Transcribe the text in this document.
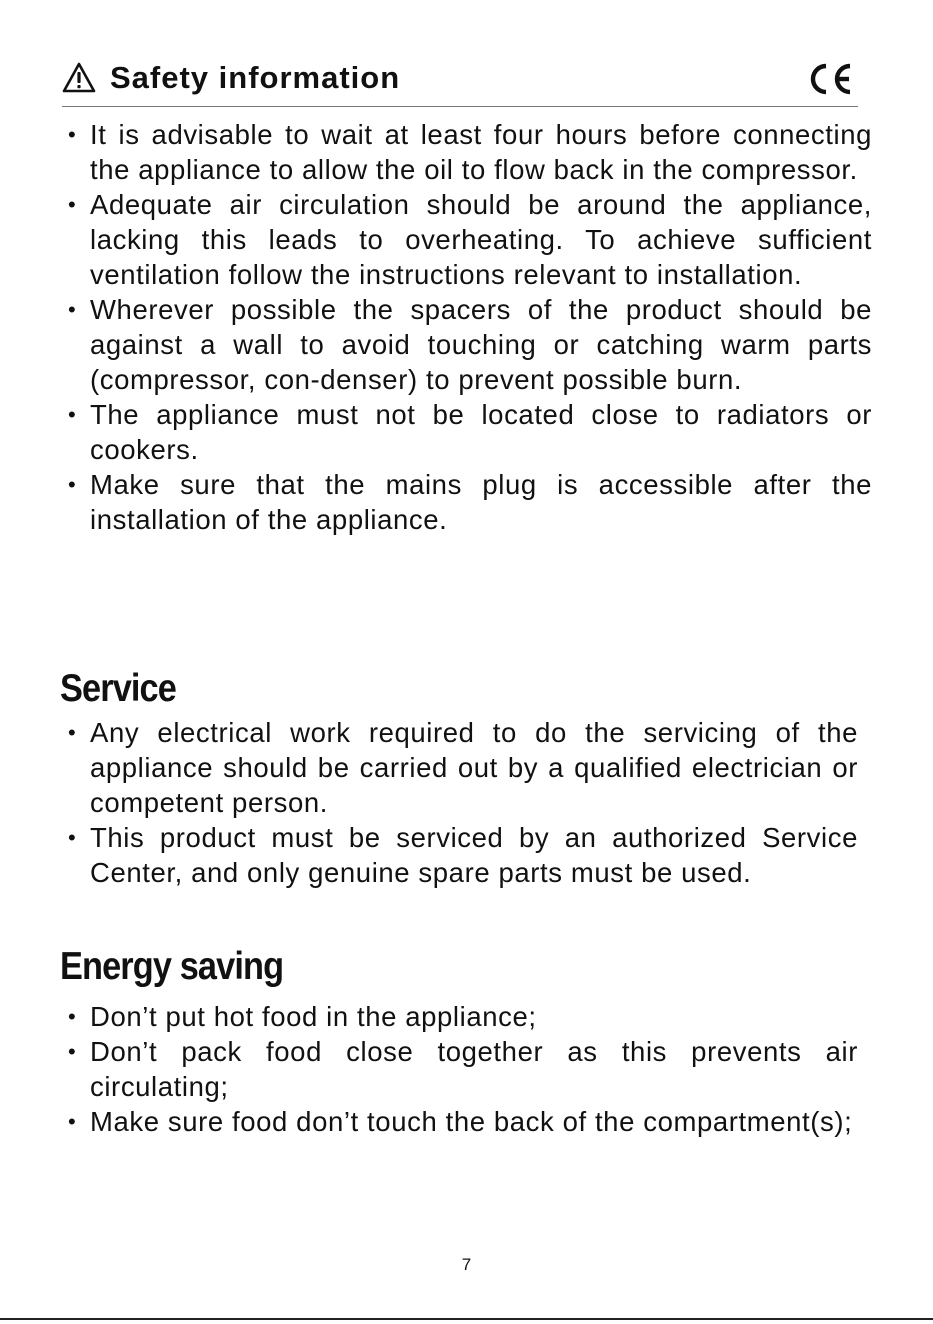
Safety information
• It is advisable to wait at least four hours before connecting the appliance to allow the oil to flow back in the compressor.
• Adequate air circulation should be around the appliance, lacking this leads to overheating. To achieve sufficient ventilation follow the instructions relevant to installation.
• Wherever possible the spacers of the product should be against a wall to avoid touching or catching warm parts (compressor, con-denser) to prevent possible burn.
• The appliance must not be located close to radiators or cookers.
• Make sure that the mains plug is accessible after the installation of the appliance.
Service
• Any electrical work required to do the servicing of the appliance should be carried out by a qualified electrician or competent person.
• This product must be serviced by an authorized Service Center, and only genuine spare parts must be used.
Energy saving
• Don’t put hot food in the appliance;
• Don’t pack food close together as this prevents air circulating;
• Make sure food don’t touch the back of the compartment(s);
7
